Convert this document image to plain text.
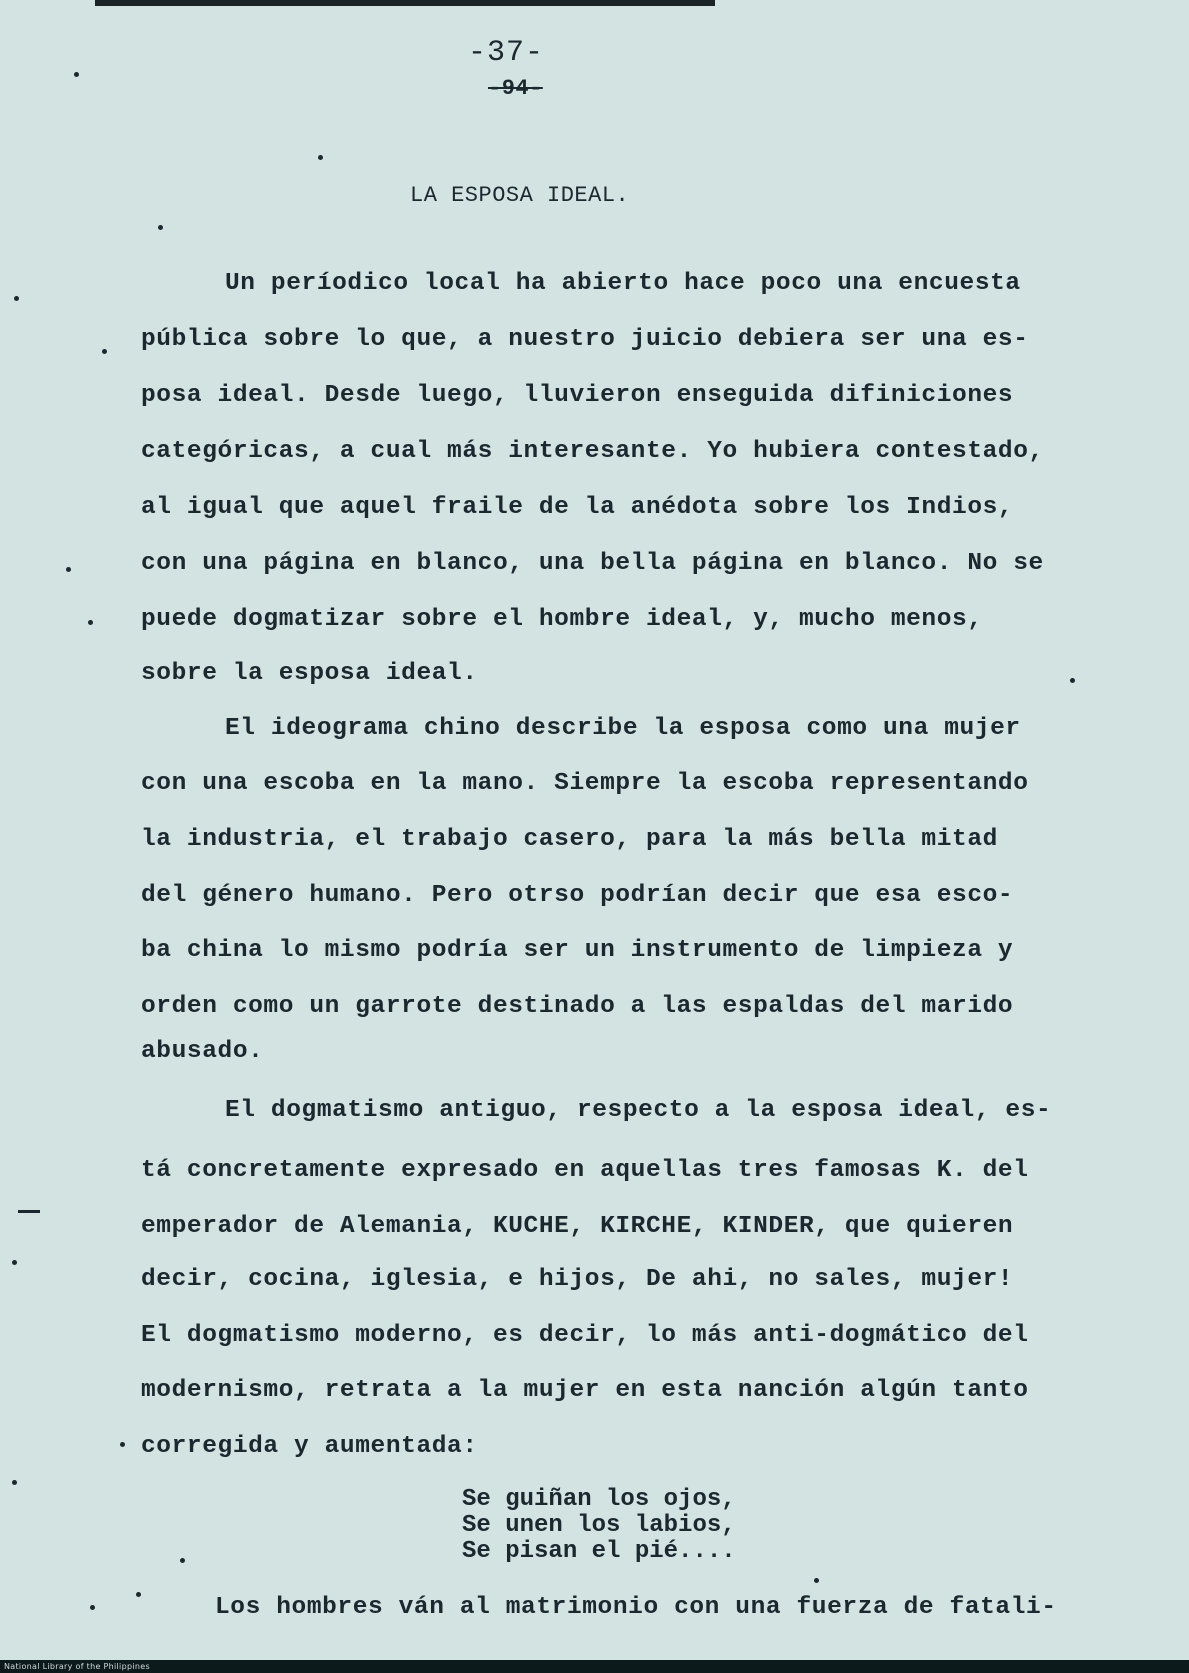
-37-
-94-
LA ESPOSA IDEAL.
Un períodico local ha abierto hace poco una encuesta
pública sobre lo que, a nuestro juicio debiera ser una es-
posa ideal. Desde luego, lluvieron enseguida difiniciones
categóricas, a cual más interesante. Yo hubiera contestado,
al igual que aquel fraile de la anédota sobre los Indios,
con una página en blanco, una bella página en blanco. No se
puede dogmatizar sobre el hombre ideal, y, mucho menos,
sobre la esposa ideal.
El ideograma chino describe la esposa como una mujer
con una escoba en la mano. Siempre la escoba representando
la industria, el trabajo casero, para la más bella mitad
del género humano. Pero otrso podrían decir que esa esco-
ba china lo mismo podría ser un instrumento de limpieza y
orden como un garrote destinado a las espaldas del marido
abusado.
El dogmatismo antiguo, respecto a la esposa ideal, es-
tá concretamente expresado en aquellas tres famosas K. del
emperador de Alemania, KUCHE, KIRCHE, KINDER, que quieren
decir, cocina, iglesia, e hijos, De ahi, no sales, mujer!
El dogmatismo moderno, es decir, lo más anti-dogmático del
modernismo, retrata a la mujer en esta nanción algún tanto
corregida y aumentada:
Se guiñan los ojos,
Se unen los labios,
Se pisan el pié....
Los hombres ván al matrimonio con una fuerza de fatali-
National Library of the Philippines
